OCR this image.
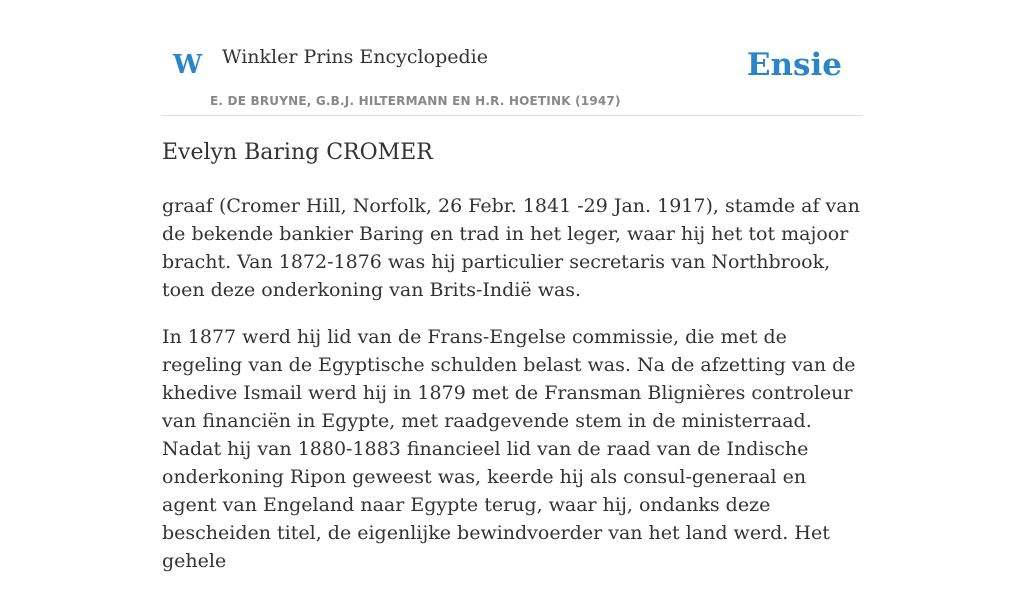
W Winkler Prins Encyclopedie
E. DE BRUYNE, G.B.J. HILTERMANN EN H.R. HOETINK (1947)
Ensie
Evelyn Baring CROMER

graaf (Cromer Hill, Norfolk, 26 Febr. 1841 -29 Jan. 1917), stamde af van de bekende bankier Baring en trad in het leger, waar hij het tot majoor bracht. Van 1872-1876 was hij particulier secretaris van Northbrook, toen deze onderkoning van Brits-Indië was.

In 1877 werd hij lid van de Frans-Engelse commissie, die met de regeling van de Egyptische schulden belast was. Na de afzetting van de khedive Ismail werd hij in 1879 met de Fransman Blignières controleur van financiën in Egypte, met raadgevende stem in de ministerraad. Nadat hij van 1880-1883 financieel lid van de raad van de Indische onderkoning Ripon geweest was, keerde hij als consul-generaal en agent van Engeland naar Egypte terug, waar hij, ondanks deze bescheiden titel, de eigenlijke bewindvoerder van het land werd. Het gehele
